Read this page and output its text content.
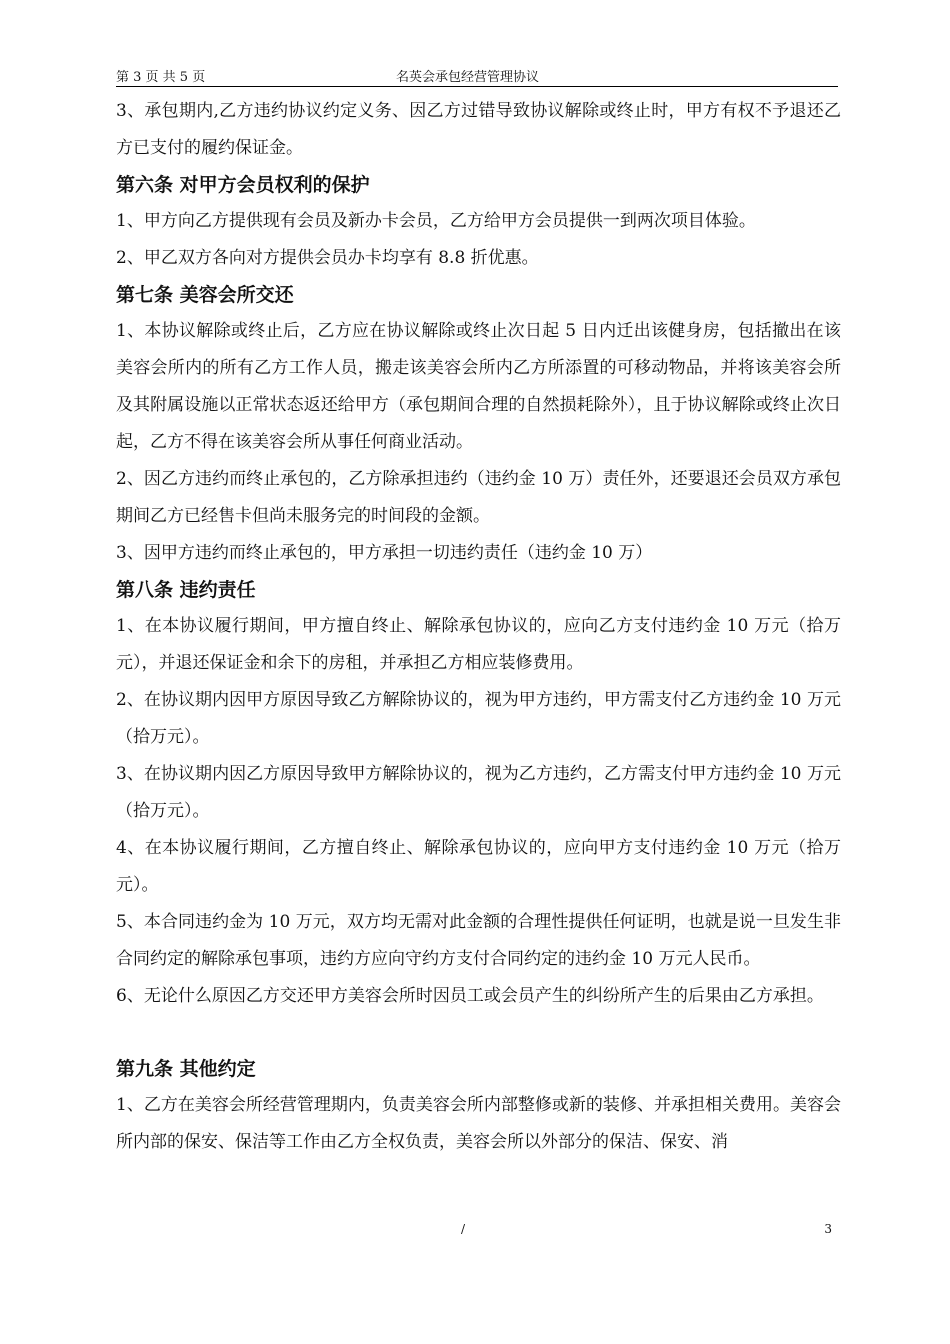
第 3 页 共 5 页	名英会承包经营管理协议

3、承包期内,乙方违约协议约定义务、因乙方过错导致协议解除或终止时，甲方有权不予退还乙方已支付的履约保证金。

第六条 对甲方会员权利的保护

1、甲方向乙方提供现有会员及新办卡会员，乙方给甲方会员提供一到两次项目体验。

2、甲乙双方各向对方提供会员办卡均享有 8.8 折优惠。

第七条 美容会所交还

1、本协议解除或终止后，乙方应在协议解除或终止次日起 5 日内迁出该健身房，包括撤出在该美容会所内的所有乙方工作人员，搬走该美容会所内乙方所添置的可移动物品，并将该美容会所及其附属设施以正常状态返还给甲方（承包期间合理的自然损耗除外），且于协议解除或终止次日起，乙方不得在该美容会所从事任何商业活动。

2、因乙方违约而终止承包的，乙方除承担违约（违约金 10 万）责任外，还要退还会员双方承包期间乙方已经售卡但尚未服务完的时间段的金额。

3、因甲方违约而终止承包的，甲方承担一切违约责任（违约金 10 万）

第八条 违约责任

1、在本协议履行期间，甲方擅自终止、解除承包协议的，应向乙方支付违约金 10 万元（拾万元），并退还保证金和余下的房租，并承担乙方相应装修费用。

2、在协议期内因甲方原因导致乙方解除协议的，视为甲方违约，甲方需支付乙方违约金 10 万元（拾万元）。

3、在协议期内因乙方原因导致甲方解除协议的，视为乙方违约，乙方需支付甲方违约金 10 万元（拾万元）。

4、在本协议履行期间，乙方擅自终止、解除承包协议的，应向甲方支付违约金 10 万元（拾万元）。

5、本合同违约金为 10 万元，双方均无需对此金额的合理性提供任何证明，也就是说一旦发生非合同约定的解除承包事项，违约方应向守约方支付合同约定的违约金 10 万元人民币。

6、无论什么原因乙方交还甲方美容会所时因员工或会员产生的纠纷所产生的后果由乙方承担。

第九条 其他约定

1、乙方在美容会所经营管理期内，负责美容会所内部整修或新的装修、并承担相关费用。美容会所内部的保安、保洁等工作由乙方全权负责，美容会所以外部分的保洁、保安、消

/	3
